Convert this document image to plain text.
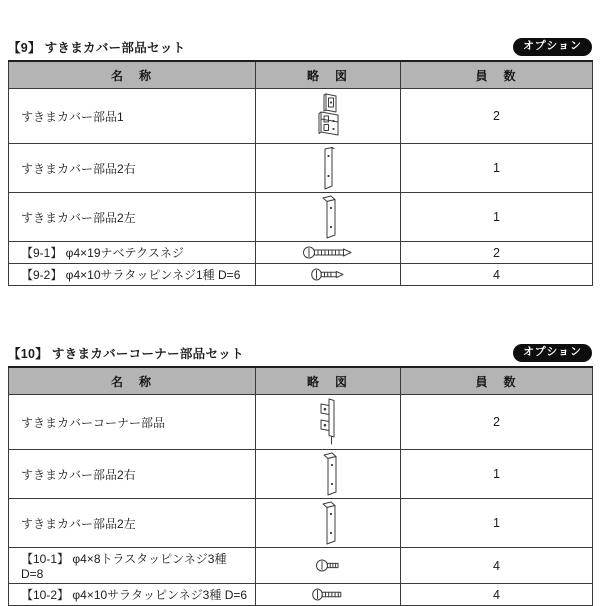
【9】 すきまカバー部品セット	オプション
名　称	略　図	員　数
すきまカバー部品1		2
すきまカバー部品2右		1
すきまカバー部品2左		1
【9-1】 φ4×19ナベテクスネジ		2
【9-2】 φ4×10サラタッピンネジ1種 D=6		4
【10】 すきまカバーコーナー部品セット	オプション
名　称	略　図	員　数
すきまカバーコーナー部品		2
すきまカバー部品2右		1
すきまカバー部品2左		1
【10-1】 φ4×8トラスタッピンネジ3種 D=8		4
【10-2】 φ4×10サラタッピンネジ3種 D=6		4
